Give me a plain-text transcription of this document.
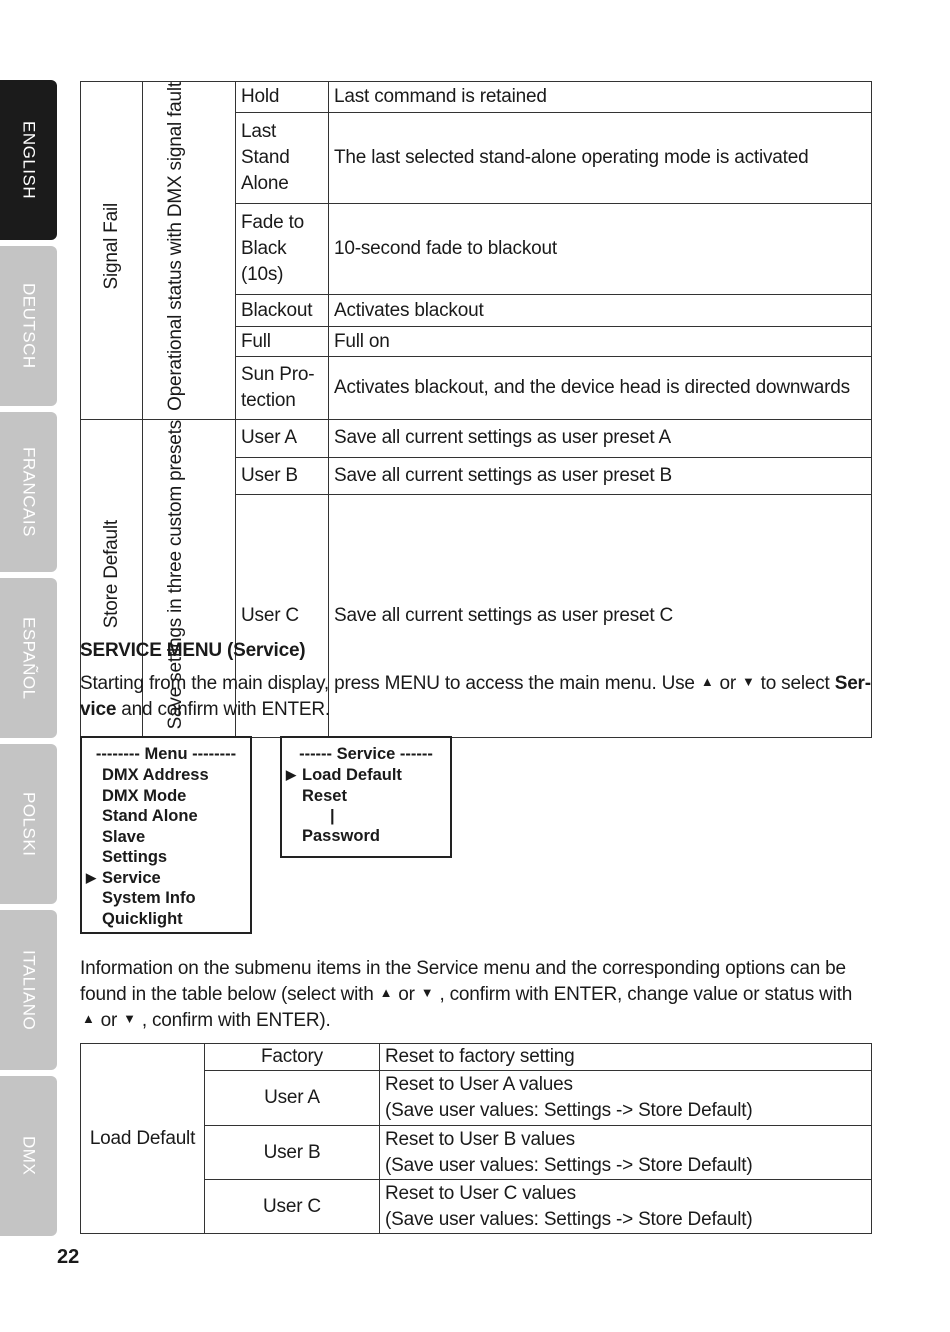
ENGLISH
DEUTSCH
FRANCAIS
ESPAÑOL
POLSKI
ITALIANO
DMX
Signal Fail	Operational status with DMX signal fault	Hold	Last command is retained
		Last Stand Alone	The last selected stand-alone operating mode is activated
		Fade to Black (10s)	10-second fade to blackout
		Blackout	Activates blackout
		Full	Full on
		Sun Pro-tection	Activates blackout, and the device head is directed downwards
Store Default	Save settings in three custom presets	User A	Save all current settings as user preset A
		User B	Save all current settings as user preset B
		User C	Save all current settings as user preset C
SERVICE MENU (Service)
Starting from the main display, press MENU to access the main menu. Use ▲ or ▼ to select Ser-vice and confirm with ENTER.
-------- Menu --------
DMX Address
DMX Mode
Stand Alone
Slave
Settings
▶ Service
System Info
Quicklight
------ Service ------
▶ Load Default
Reset
|
Password
Information on the submenu items in the Service menu and the corresponding options can be found in the table below (select with ▲ or ▼ , confirm with ENTER, change value or status with
▲ or ▼ , confirm with ENTER).
Load Default	Factory	Reset to factory setting
	User A	Reset to User A values
(Save user values: Settings -> Store Default)

	User B	Reset to User B values
(Save user values: Settings -> Store Default)

	User C	Reset to User C values
(Save user values: Settings -> Store Default)
22
